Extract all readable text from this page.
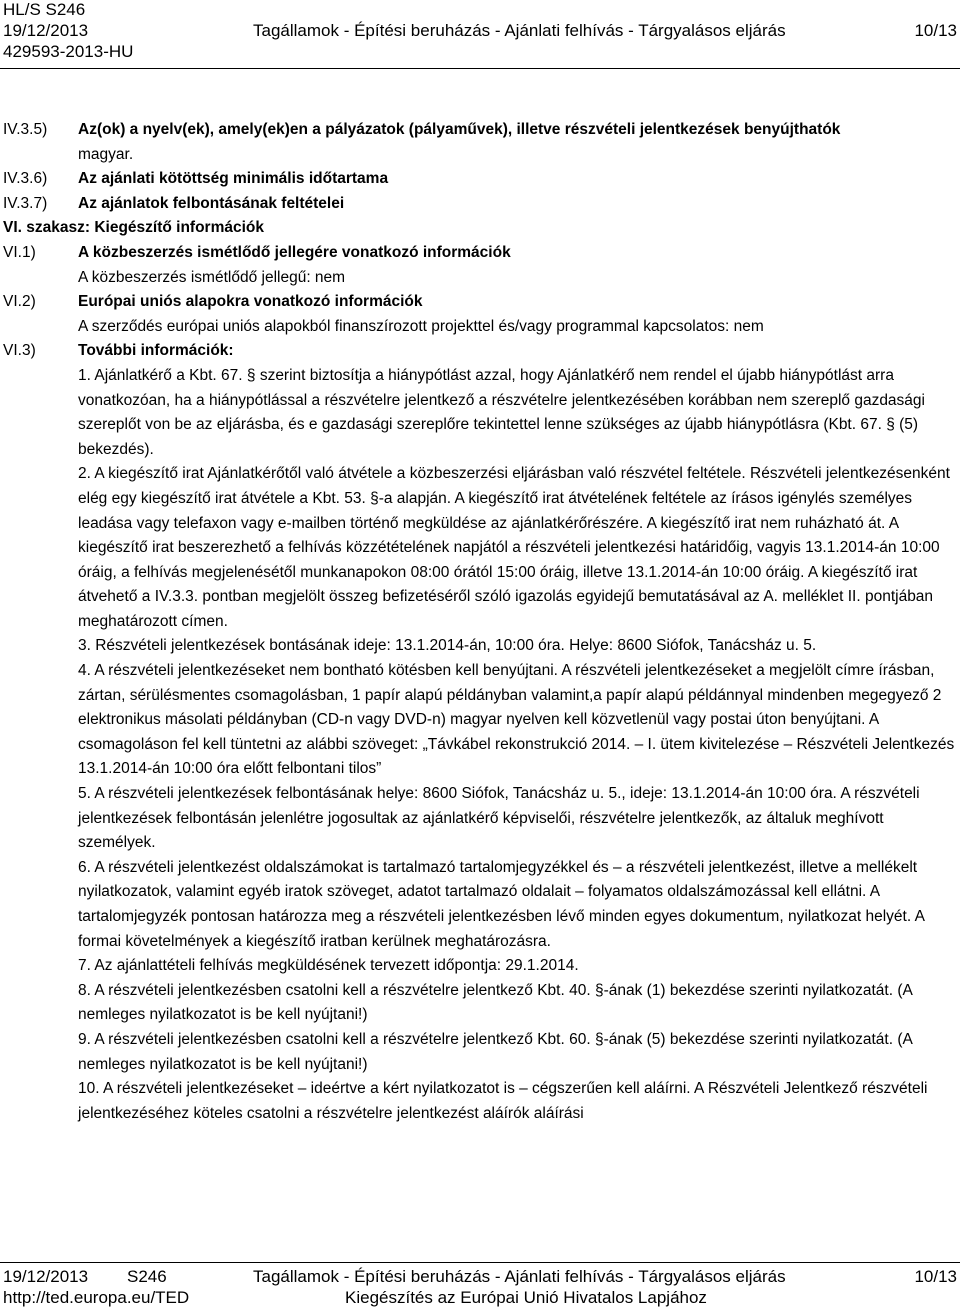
HL/S S246
19/12/2013	Tagállamok - Építési beruházás - Ajánlati felhívás - Tárgyalásos eljárás	10/13
429593-2013-HU
IV.3.5) Az(ok) a nyelv(ek), amely(ek)en a pályázatok (pályaművek), illetve részvételi jelentkezések benyújthatók
magyar.
IV.3.6) Az ajánlati kötöttség minimális időtartama
IV.3.7) Az ajánlatok felbontásának feltételei
VI. szakasz: Kiegészítő információk
VI.1)	A közbeszerzés ismétlődő jellegére vonatkozó információk
A közbeszerzés ismétlődő jellegű: nem
VI.2)	Európai uniós alapokra vonatkozó információk
A szerződés európai uniós alapokból finanszírozott projekttel és/vagy programmal kapcsolatos: nem
VI.3)	További információk:

1. Ajánlatkérő a Kbt. 67. § szerint biztosítja a hiánypótlást azzal, hogy Ajánlatkérő nem rendel el újabb hiánypótlást arra vonatkozóan, ha a hiánypótlással a részvételre jelentkező a részvételre jelentkezésében korábban nem szereplő gazdasági szereplőt von be az eljárásba, és e gazdasági szereplőre tekintettel lenne szükséges az újabb hiánypótlásra (Kbt. 67. § (5) bekezdés).

2. A kiegészítő irat Ajánlatkérőtől való átvétele a közbeszerzési eljárásban való részvétel feltétele. Részvételi jelentkezésenként elég egy kiegészítő irat átvétele a Kbt. 53. §-a alapján. A kiegészítő irat átvételének feltétele az írásos igénylés személyes leadása vagy telefaxon vagy e-mailben történő megküldése az ajánlatkérőrészére. A kiegészítő irat nem ruházható át. A kiegészítő irat beszerezhető a felhívás közzétételének napjától a részvételi jelentkezési határidőig, vagyis 13.1.2014-án 10:00 óráig, a felhívás megjelenésétől munkanapokon 08:00 órától 15:00 óráig, illetve 13.1.2014-án 10:00 óráig. A kiegészítő irat átvehető a IV.3.3. pontban megjelölt összeg befizetéséről szóló igazolás egyidejű bemutatásával az A. melléklet II. pontjában meghatározott címen.

3. Részvételi jelentkezések bontásának ideje: 13.1.2014-án, 10:00 óra. Helye: 8600 Siófok, Tanácsház u. 5.

4. A részvételi jelentkezéseket nem bontható kötésben kell benyújtani. A részvételi jelentkezéseket a megjelölt címre írásban, zártan, sérülésmentes csomagolásban, 1 papír alapú példányban valamint,a papír alapú példánnyal mindenben megegyező 2 elektronikus másolati példányban (CD-n vagy DVD-n) magyar nyelven kell közvetlenül vagy postai úton benyújtani. A csomagoláson fel kell tüntetni az alábbi szöveget: „Távkábel rekonstrukció 2014. – I. ütem kivitelezése – Részvételi Jelentkezés 13.1.2014-án 10:00 óra előtt felbontani tilos”

5. A részvételi jelentkezések felbontásának helye: 8600 Siófok, Tanácsház u. 5., ideje: 13.1.2014-án 10:00 óra. A részvételi jelentkezések felbontásán jelenlétre jogosultak az ajánlatkérő képviselői, részvételre jelentkezők, az általuk meghívott személyek.

6. A részvételi jelentkezést oldalszámokat is tartalmazó tartalomjegyzékkel és – a részvételi jelentkezést, illetve a mellékelt nyilatkozatok, valamint egyéb iratok szöveget, adatot tartalmazó oldalait – folyamatos oldalszámozással kell ellátni. A tartalomjegyzék pontosan határozza meg a részvételi jelentkezésben lévő minden egyes dokumentum, nyilatkozat helyét. A formai követelmények a kiegészítő iratban kerülnek meghatározásra.

7. Az ajánlattételi felhívás megküldésének tervezett időpontja: 29.1.2014.

8. A részvételi jelentkezésben csatolni kell a részvételre jelentkező Kbt. 40. §-ának (1) bekezdése szerinti nyilatkozatát. (A nemleges nyilatkozatot is be kell nyújtani!)

9. A részvételi jelentkezésben csatolni kell a részvételre jelentkező Kbt. 60. §-ának (5) bekezdése szerinti nyilatkozatát. (A nemleges nyilatkozatot is be kell nyújtani!)

10. A részvételi jelentkezéseket – ideértve a kért nyilatkozatot is – cégszerűen kell aláírni. A Részvételi Jelentkező részvételi jelentkezéséhez köteles csatolni a részvételre jelentkezést aláírók aláírási

19/12/2013 S246	Tagállamok - Építési beruházás - Ajánlati felhívás - Tárgyalásos eljárás	10/13
http://ted.europa.eu/TED	Kiegészítés az Európai Unió Hivatalos Lapjához
